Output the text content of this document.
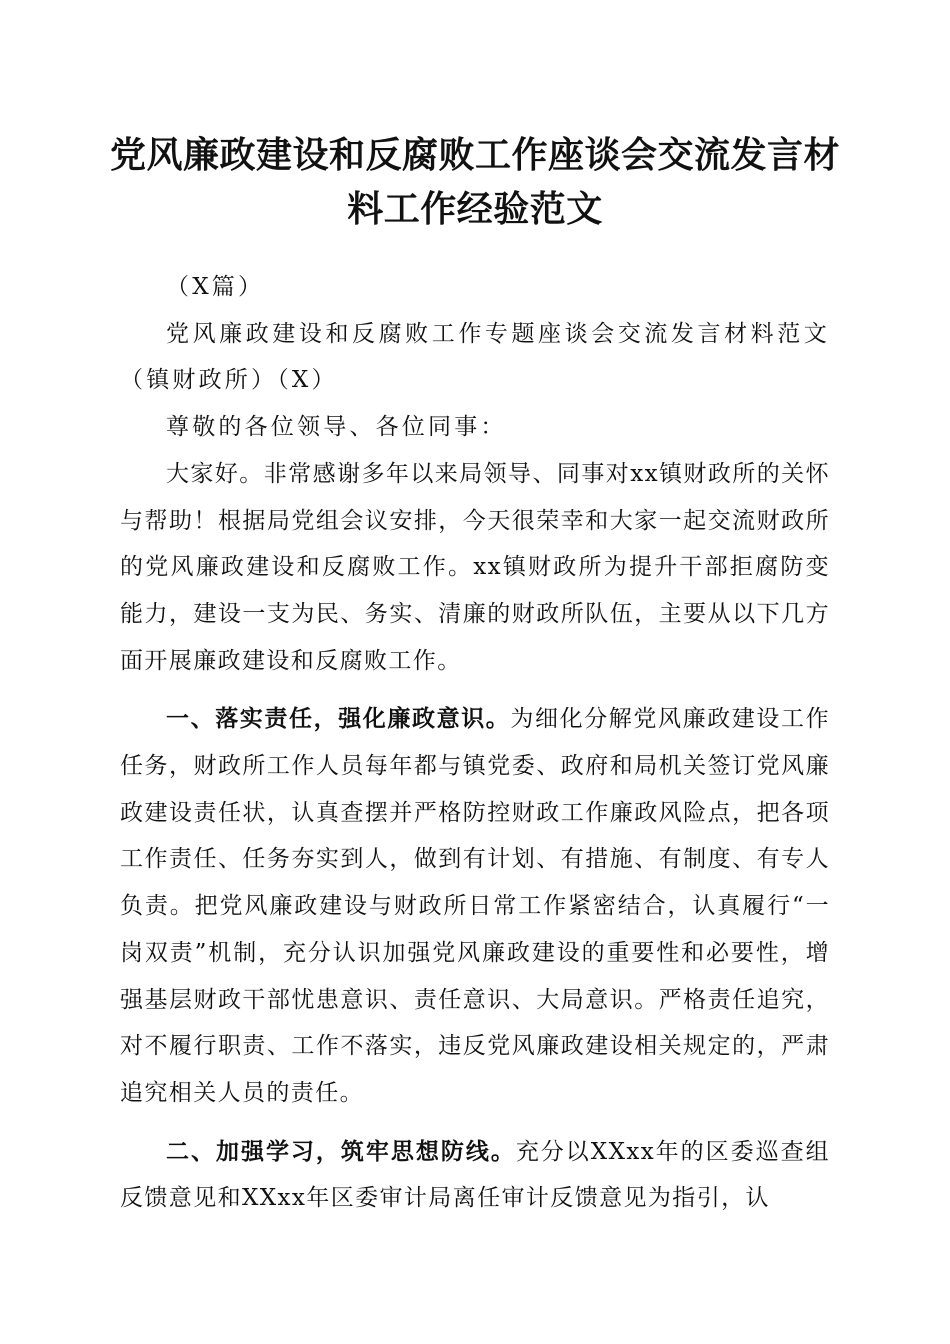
党风廉政建设和反腐败工作座谈会交流发言材
料工作经验范文

（X篇）

党风廉政建设和反腐败工作专题座谈会交流发言材料范文（镇财政所）（X）

尊敬的各位领导、各位同事：

大家好。非常感谢多年以来局领导、同事对xx镇财政所的关怀与帮助！根据局党组会议安排，今天很荣幸和大家一起交流财政所的党风廉政建设和反腐败工作。xx镇财政所为提升干部拒腐防变能力，建设一支为民、务实、清廉的财政所队伍，主要从以下几方面开展廉政建设和反腐败工作。

一、落实责任，强化廉政意识。为细化分解党风廉政建设工作任务，财政所工作人员每年都与镇党委、政府和局机关签订党风廉政建设责任状，认真查摆并严格防控财政工作廉政风险点，把各项工作责任、任务夯实到人，做到有计划、有措施、有制度、有专人负责。把党风廉政建设与财政所日常工作紧密结合，认真履行“一岗双责”机制，充分认识加强党风廉政建设的重要性和必要性，增强基层财政干部忧患意识、责任意识、大局意识。严格责任追究，对不履行职责、工作不落实，违反党风廉政建设相关规定的，严肃追究相关人员的责任。

二、加强学习，筑牢思想防线。充分以XXxx年的区委巡查组反馈意见和XXxx年区委审计局离任审计反馈意见为指引，认
